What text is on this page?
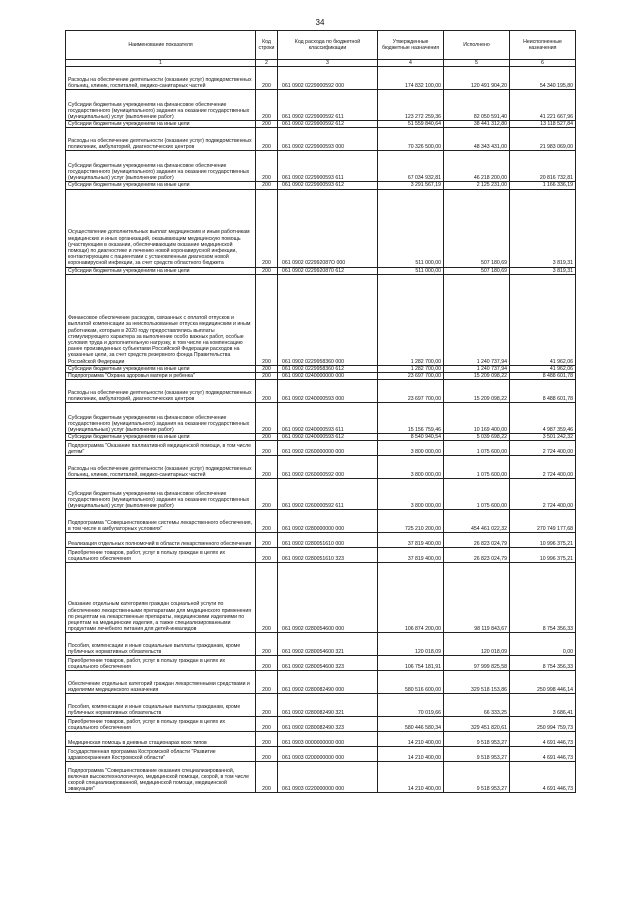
34
Наименование показателя	Код строки	Код расхода по бюджетной классификации	Утвержденные бюджетные назначения	Исполнено	Неисполненные назначения
1	2	3	4	5	6
Расходы на обеспечение деятельности (оказание услуг) подведомственных больниц, клиник, госпиталей, медико-санитарных частей	200	061 0902 0229900592 000	174 832 100,00	120 491 904,20	54 340 195,80
Субсидии бюджетным учреждениям на финансовое обеспечение государственного (муниципального) задания на оказание государственных (муниципальных) услуг (выполнение работ)	200	061 0902 0229900592 611	123 272 259,36	82 050 591,40	41 221 667,96
Субсидии бюджетным учреждениям на иные цели	200	061 0902 0229900592 612	51 559 840,64	38 441 312,80	13 118 527,84
Расходы на обеспечение деятельности (оказание услуг) подведомственных поликлиник, амбулаторий, диагностических центров	200	061 0902 0229900593 000	70 326 500,00	48 343 431,00	21 983 069,00
Субсидии бюджетным учреждениям на финансовое обеспечение государственного (муниципального) задания на оказание государственных (муниципальных) услуг (выполнение работ)	200	061 0902 0229900593 611	67 034 932,81	46 218 200,00	20 816 732,81
Субсидии бюджетным учреждениям на иные цели	200	061 0902 0229900593 612	3 291 567,19	2 125 231,00	1 166 336,19
Осуществление дополнительных выплат медицинским и иным работникам медицинских и иных организаций, оказывающим медицинскую помощь (участвующим в оказании, обеспечивающим оказание медицинской помощи) по диагностике и лечению новой коронавирусной инфекции, контактирующим с пациентами с установленным диагнозом новой коронавирусной инфекции, за счет средств областного бюджета	200	061 0902 022992087О 000	511 000,00	507 180,69	3 819,31
Субсидии бюджетным учреждениям на иные цели	200	061 0902 0229920870 612	511 000,00	507 180,69	3 819,31
Финансовое обеспечение расходов, связанных с оплатой отпусков и выплатой компенсации за неиспользованные отпуска медицинским и иным работникам, которым в 2020 году предоставлялись выплаты стимулирующего характера за выполнение особо важных работ, особые условия труда и дополнительную нагрузку, в том числе на компенсацию ранее произведенных субъектами Российской Федерации расходов на указанные цели, за счет средств резервного фонда Правительства Российской Федерации	200	061 0902 0229958360 000	1 282 700,00	1 240 737,94	41 962,06
Субсидии бюджетным учреждениям на иные цели	200	061 0902 0229958360 612	1 282 700,00	1 240 737,94	41 962,06
Подпрограмма "Охрана здоровья матери и ребенка"	200	061 0902 0240000000 000	23 697 700,00	15 209 098,22	8 488 601,78
Расходы на обеспечение деятельности (оказание услуг) подведомственных поликлиник, амбулаторий, диагностических центров	200	061 0902 0240000593 000	23 697 700,00	15 209 098,22	8 488 601,78
Субсидии бюджетным учреждениям на финансовое обеспечение государственного (муниципального) задания на оказание государственных (муниципальных) услуг (выполнение работ)	200	061 0902 0240000593 611	15 156 759,46	10 169 400,00	4 987 359,46
Субсидии бюджетным учреждениям на иные цели	200	061 0902 0240000593 612	8 540 940,54	5 039 698,22	3 501 242,32
Подпрограмма "Оказание паллиативной медицинской помощи, в том числе детям"	200	061 0902 0260000000 000	3 800 000,00	1 075 600,00	2 724 400,00
Расходы на обеспечение деятельности (оказание услуг) подведомственных больниц, клиник, госпиталей, медико-санитарных частей	200	061 0902 0260000592 000	3 800 000,00	1 075 600,00	2 724 400,00
Субсидии бюджетным учреждениям на финансовое обеспечение государственного (муниципального) задания на оказание государственных (муниципальных) услуг (выполнение работ)	200	061 0902 0260000592 611	3 800 000,00	1 075 600,00	2 724 400,00
Подпрограмма "Совершенствование системы лекарственного обеспечения, в том числе в амбулаторных условиях"	200	061 0902 0280000000 000	725 210 200,00	454 461 022,32	270 749 177,68
Реализация отдельных полномочий в области лекарственного обеспечения	200	061 0902 0280051610 000	37 819 400,00	26 823 024,79	10 996 375,21
Приобретение товаров, работ, услуг в пользу граждан в целях их социального обеспечения	200	061 0902 0280051610 323	37 819 400,00	26 823 024,79	10 996 375,21
Оказание отдельным категориям граждан социальной услуги по обеспечению лекарственными препаратами для медицинского применения по рецептам на лекарственные препараты, медицинскими изделиями по рецептам на медицинские изделия, а также специализированными продуктами лечебного питания для детей-инвалидов	200	061 0902 0280054600 000	106 874 200,00	98 119 843,67	8 754 356,33
Пособия, компенсации и иные социальные выплаты гражданам, кроме публичных нормативных обязательств	200	061 0902 0280054600 321	120 018,09	120 018,09	0,00
Приобретение товаров, работ, услуг в пользу граждан в целях их социального обеспечения	200	061 0902 0280054600 323	106 754 181,91	97 999 825,58	8 754 356,33
Обеспечение отдельных категорий граждан лекарственными средствами и изделиями медицинского назначения	200	061 0902 0280082490 000	580 516 600,00	329 518 153,86	250 998 446,14
Пособия, компенсации и иные социальные выплаты гражданам, кроме публичных нормативных обязательств	200	061 0902 0280082490 321	70 019,66	66 333,25	3 686,41
Приобретение товаров, работ, услуг в пользу граждан в целях их социального обеспечения	200	061 0902 0280082490 323	580 446 580,34	329 451 820,61	250 994 759,73
Медицинская помощь в дневных стационарах всех типов	200	061 0903 0000000000 000	14 210 400,00	9 518 953,27	4 691 446,73
Государственная программа Костромской области "Развитие здравоохранения Костромской области"	200	061 0903 0200000000 000	14 210 400,00	9 518 953,27	4 691 446,73
Подпрограмма "Совершенствование оказания специализированной, включая высокотехнологичную, медицинской помощи, скорой, в том числе скорой специализированной, медицинской помощи, медицинской эвакуации"	200	061 0903 0220000000 000	14 210 400,00	9 518 953,27	4 691 446,73
